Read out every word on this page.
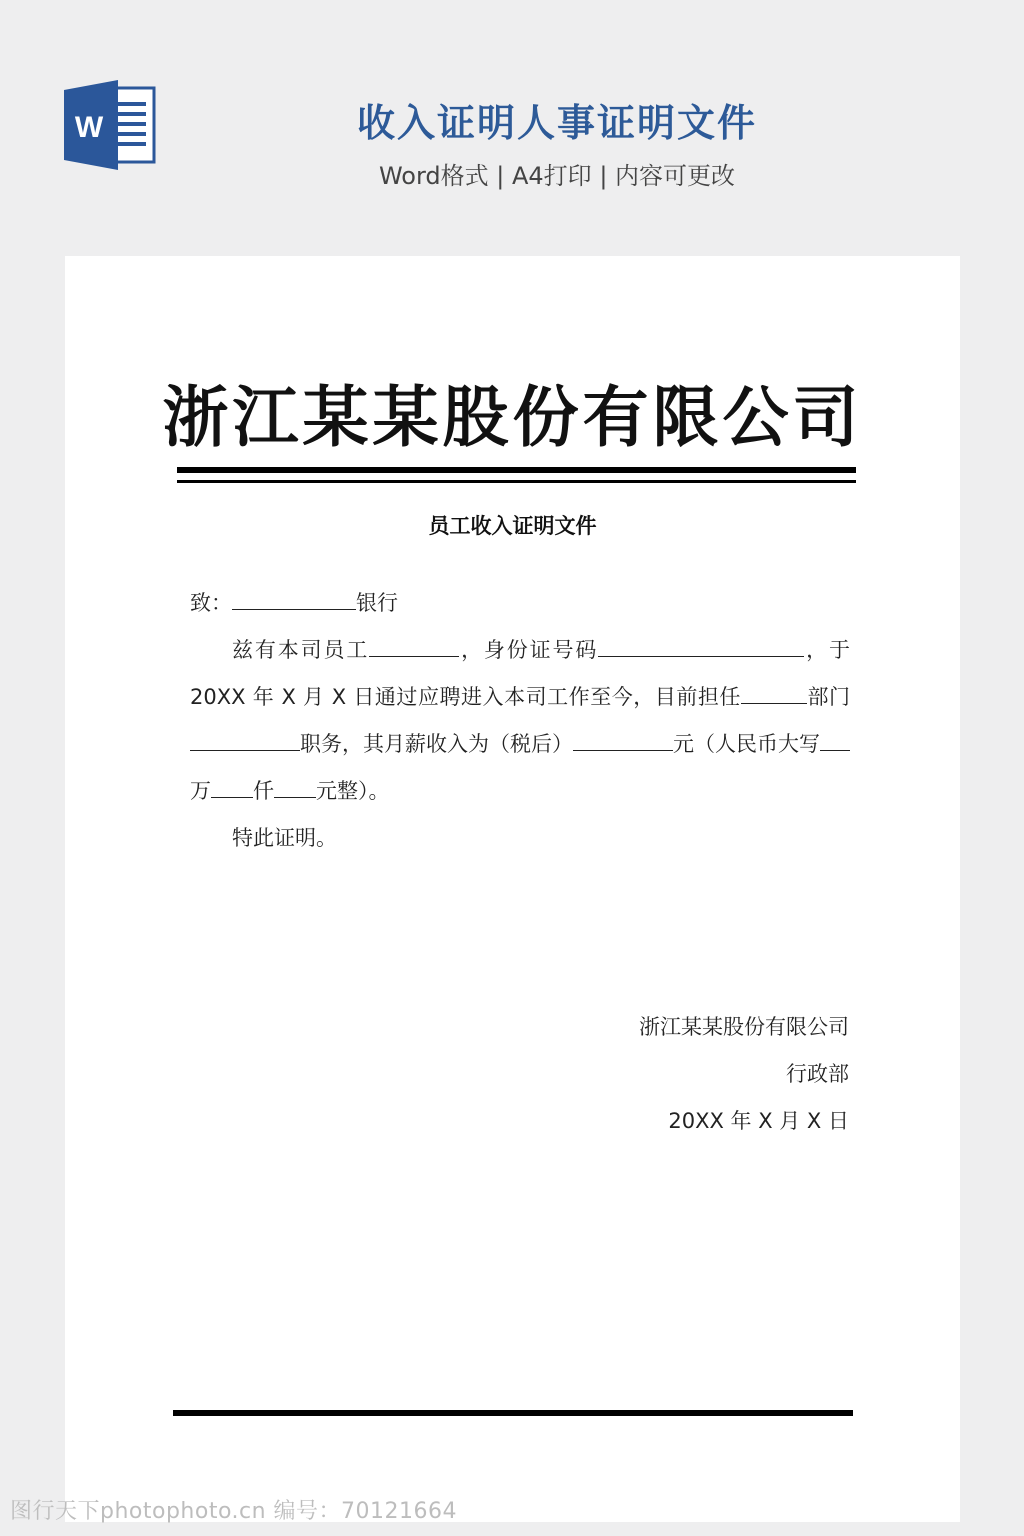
W	收入证明人事证明文件
Word格式 | A4打印 | 内容可更改
浙江某某股份有限公司
员工收入证明文件

致：	银行

兹有本司员工	，身份证号码	，于20XX 年 X 月 X 日通过应聘进入本司工作至今，目前担任	部门职务，其月薪收入为（税后）	元（人民币大写万 仟 元整）。

特此证明。

浙江某某股份有限公司
行政部
20XX 年 X 月 X 日
图行天下photophoto.cn 编号：70121664
